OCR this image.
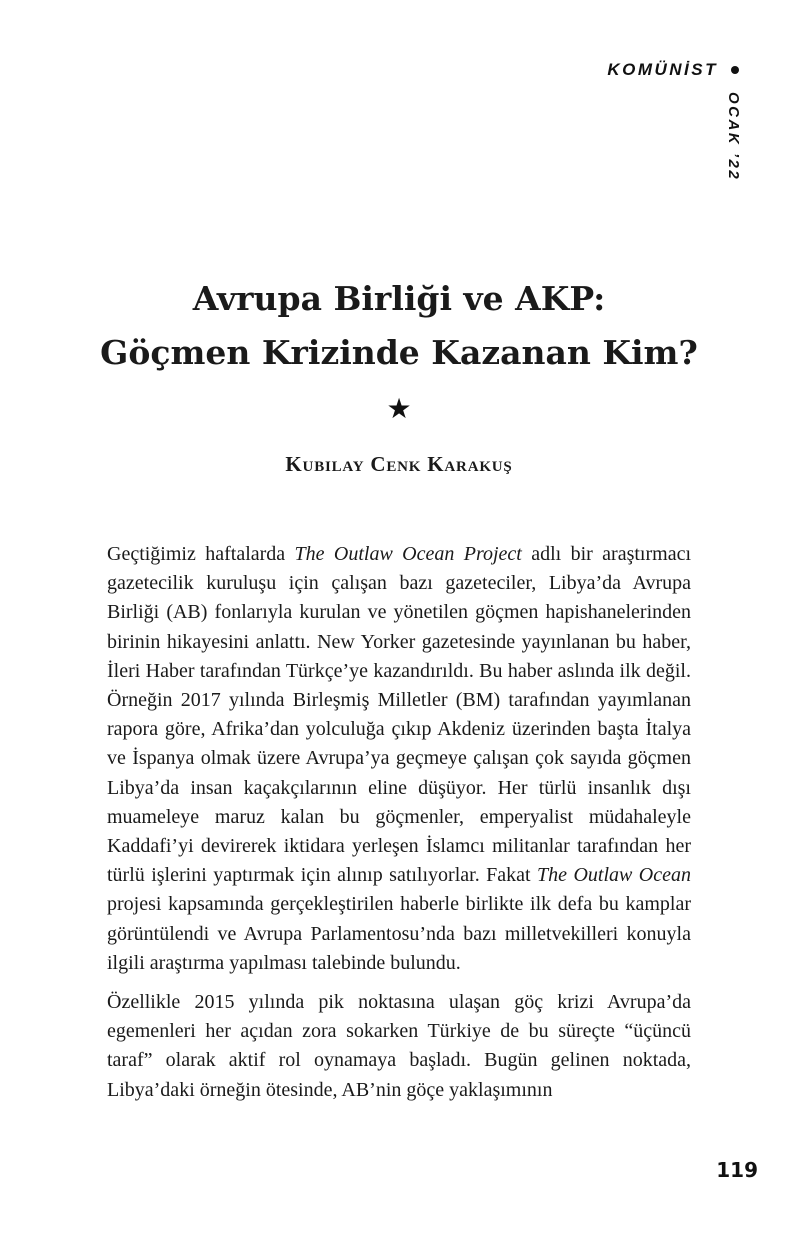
KOMÜNİST
OCAK ’22
Avrupa Birliği ve AKP:
Göçmen Krizinde Kazanan Kim?
★
Kubilay Cenk Karakuş

Geçtiğimiz haftalarda The Outlaw Ocean Project adlı bir araştırmacı gazetecilik kuruluşu için çalışan bazı gazeteciler, Libya’da Avrupa Birliği (AB) fonlarıyla kurulan ve yönetilen göçmen hapishanelerinden birinin hikayesini anlattı. New Yorker gazetesinde yayınlanan bu haber, İleri Haber tarafından Türkçe’ye kazandırıldı. Bu haber aslında ilk değil. Örneğin 2017 yılında Birleşmiş Milletler (BM) tarafından yayımlanan rapora göre, Afrika’dan yolculuğa çıkıp Akdeniz üzerinden başta İtalya ve İspanya olmak üzere Avrupa’ya geçmeye çalışan çok sayıda göçmen Libya’da insan kaçakçılarının eline düşüyor. Her türlü insanlık dışı muameleye maruz kalan bu göçmenler, emperyalist müdahaleyle Kaddafi’yi devirerek iktidara yerleşen İslamcı militanlar tarafından her türlü işlerini yaptırmak için alınıp satılıyorlar. Fakat The Outlaw Ocean projesi kapsamında gerçekleştirilen haberle birlikte ilk defa bu kamplar görüntülendi ve Avrupa Parlamentosu’nda bazı milletvekilleri konuyla ilgili araştırma yapılması talebinde bulundu.

Özellikle 2015 yılında pik noktasına ulaşan göç krizi Avrupa’da egemenleri her açıdan zora sokarken Türkiye de bu süreçte “üçüncü taraf” olarak aktif rol oynamaya başladı. Bugün gelinen noktada, Libya’daki örneğin ötesinde, AB’nin göçe yaklaşımının

119
